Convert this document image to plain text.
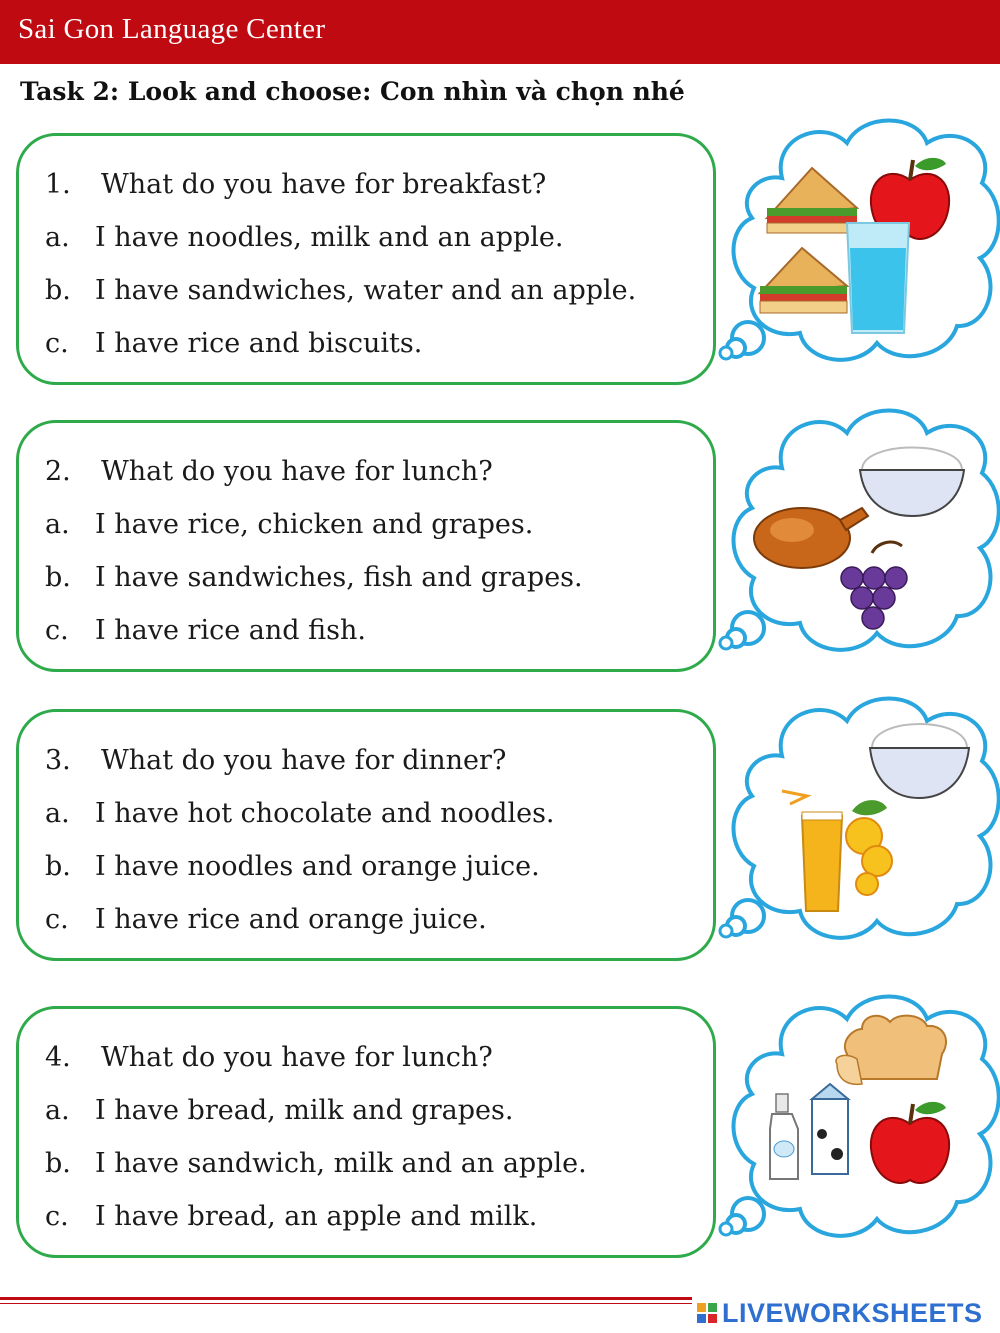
Sai Gon Language Center
Task 2: Look and choose: Con nhìn và chọn nhé
1. What do you have for breakfast?
a. I have noodles, milk and an apple.
b. I have sandwiches, water and an apple.
c. I have rice and biscuits.
2. What do you have for lunch?
a. I have rice, chicken and grapes.
b. I have sandwiches, fish and grapes.
c. I have rice and fish.
3. What do you have for dinner?
a. I have hot chocolate and noodles.
b. I have noodles and orange juice.
c. I have rice and orange juice.
4. What do you have for lunch?
a. I have bread, milk and grapes.
b. I have sandwich, milk and an apple.
c. I have bread, an apple and milk.
LIVEWORKSHEETS
